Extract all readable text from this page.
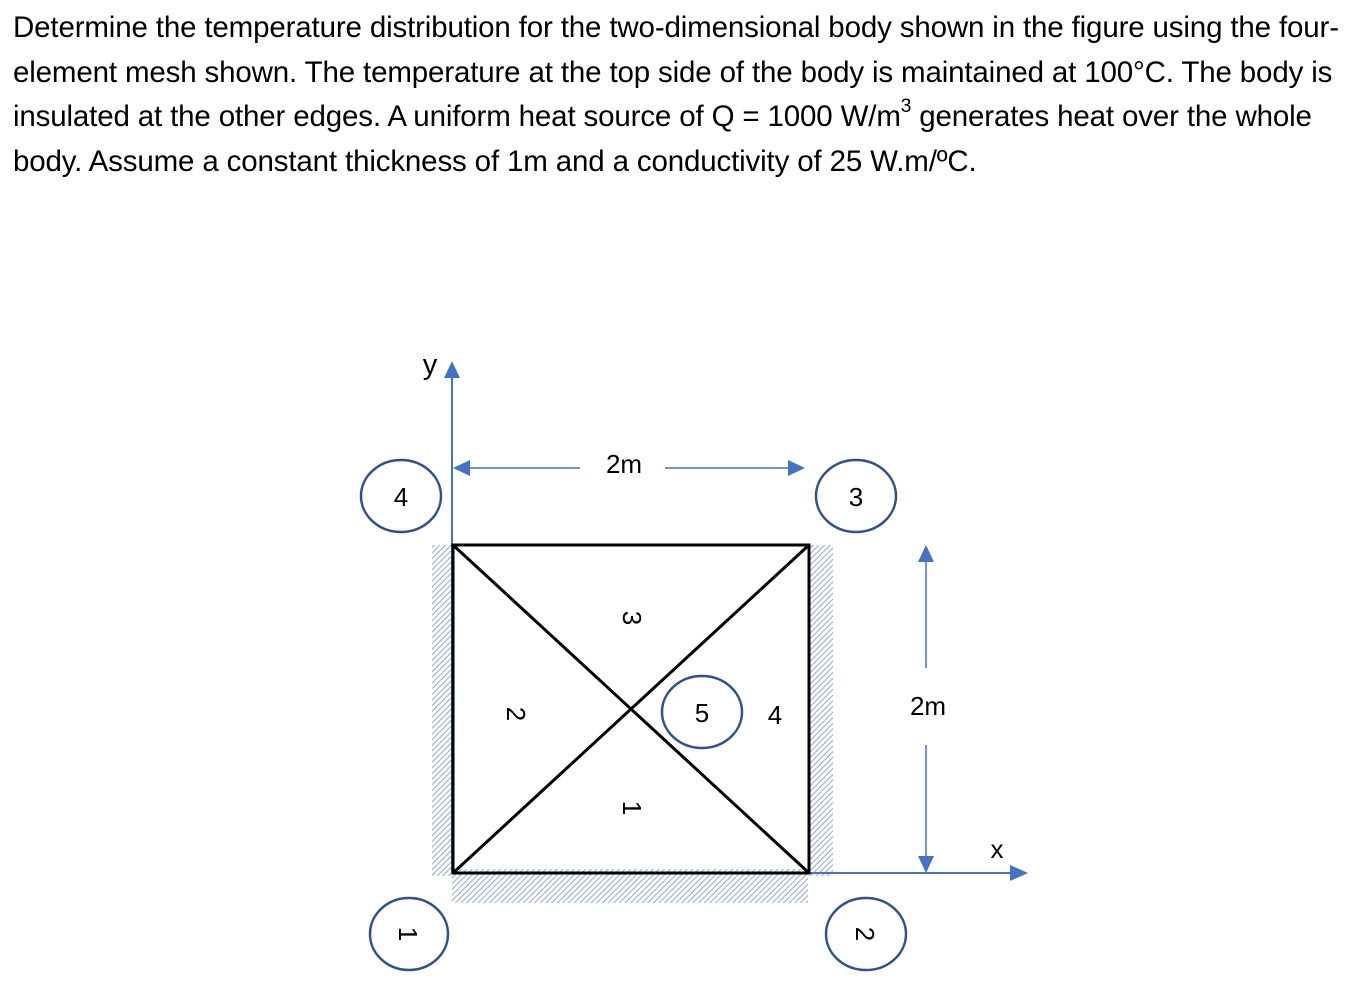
Determine the temperature distribution for the two-dimensional body shown in the figure using the four-element mesh shown. The temperature at the top side of the body is maintained at 100°C. The body is insulated at the other edges. A uniform heat source of Q = 1000 $W/m^3$ generates heat over the whole body. Assume a constant thickness of 1m and a conductivity of 25 W.m/ºC.
y
x
2m
2m
1
2
3
4
1	2
3
4
5
